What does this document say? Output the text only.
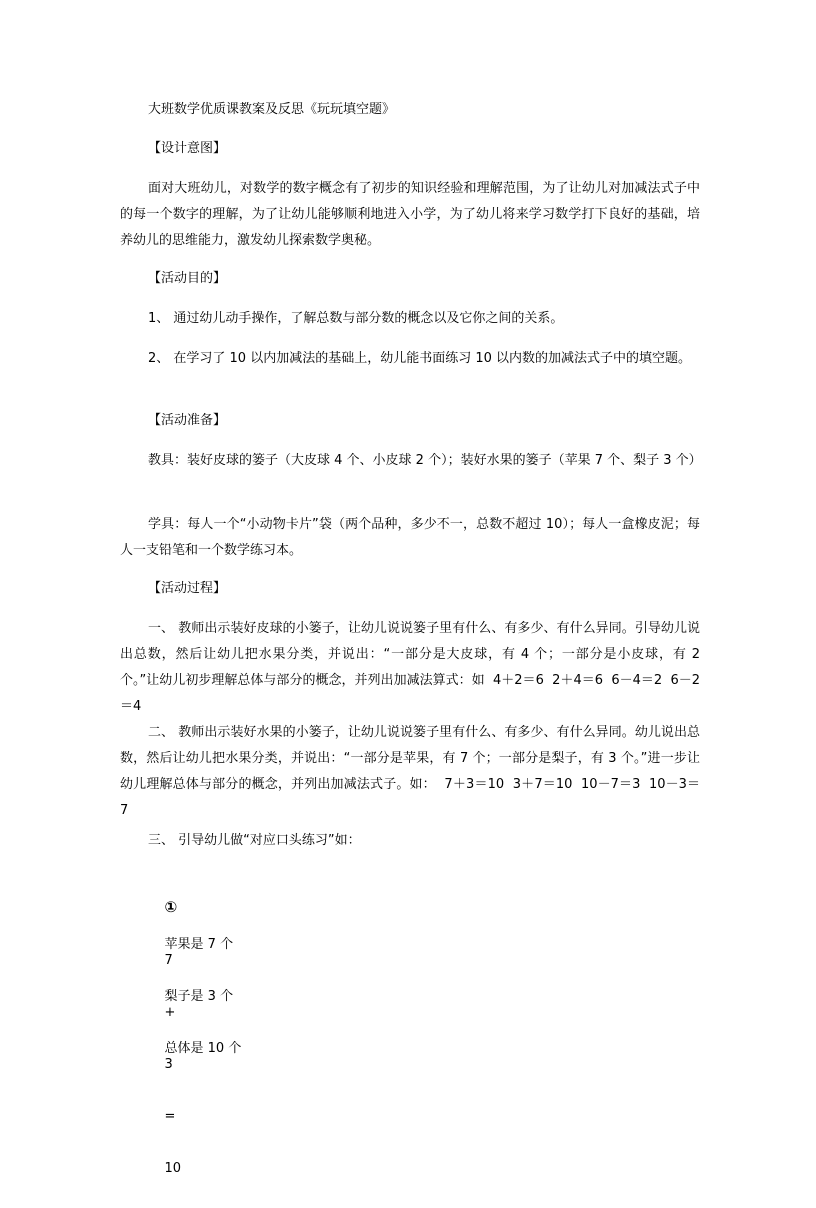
大班数学优质课教案及反思《玩玩填空题》
【设计意图】
面对大班幼儿，对数学的数字概念有了初步的知识经验和理解范围，为了让幼儿对加减法式子中的每一个数字的理解，为了让幼儿能够顺利地进入小学，为了幼儿将来学习数学打下良好的基础，培养幼儿的思维能力，激发幼儿探索数学奥秘。
【活动目的】
1、 通过幼儿动手操作，了解总数与部分数的概念以及它你之间的关系。
2、 在学习了 10 以内加减法的基础上，幼儿能书面练习 10 以内数的加减法式子中的填空题。
【活动准备】
教具：装好皮球的篓子（大皮球 4 个、小皮球 2 个）；装好水果的篓子（苹果 7 个、梨子 3 个）
学具：每人一个“小动物卡片”袋（两个品种，多少不一，总数不超过 10）；每人一盒橡皮泥；每人一支铅笔和一个数学练习本。
【活动过程】
一、 教师出示装好皮球的小篓子，让幼儿说说篓子里有什么、有多少、有什么异同。引导幼儿说出总数，然后让幼儿把水果分类，并说出：“一部分是大皮球，有 4 个；一部分是小皮球，有 2 个。”让幼儿初步理解总体与部分的概念，并列出加减法算式：如  4＋2＝6  2＋4＝6  6－4＝2  6－2＝4
二、 教师出示装好水果的小篓子，让幼儿说说篓子里有什么、有多少、有什么异同。幼儿说出总数，然后让幼儿把水果分类，并说出：“一部分是苹果，有 7 个；一部分是梨子，有 3 个。”进一步让幼儿理解总体与部分的概念，并列出加减法式子。如：  7＋3＝10  3＋7＝10  10－7＝3  10－3＝7
三、 引导幼儿做“对应口头练习”如：

①

7

+

3

=

10

苹果是 7 个

梨子是 3 个

总体是 10 个
